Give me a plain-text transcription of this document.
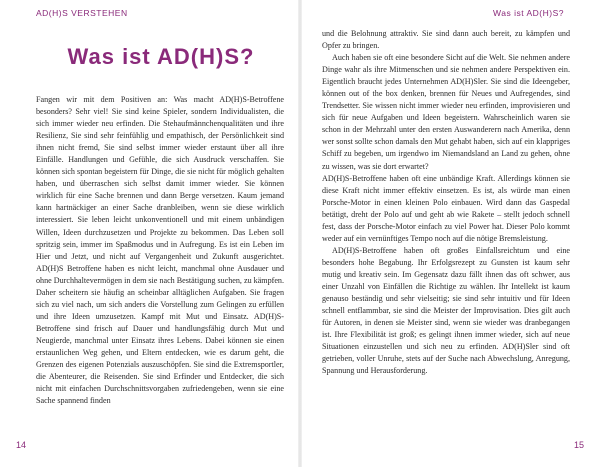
AD(H)S VERSTEHEN	Was ist AD(H)S?
Was ist AD(H)S?

Fangen wir mit dem Positiven an: Was macht AD(H)S-Betroffene besonders? Sehr viel! Sie sind keine Spieler, sondern Individualisten, die sich immer wieder neu erfinden. Die Stehaufmännchenqualitäten und ihre Resilienz, Sie sind sehr feinfühlig und empathisch, der Persönlichkeit sind ihnen nicht fremd, Sie sind selbst immer wieder erstaunt über all ihre Einfälle. Handlungen und Gefühle, die sich Ausdruck verschaffen. Sie können sich spontan begeistern für Dinge, die sie nicht für möglich gehalten haben, und überraschen sich selbst damit immer wieder. Sie können wirklich für eine Sache brennen und dann Berge versetzen. Kaum jemand kann hartnäckiger an einer Sache dranbleiben, wenn sie diese wirklich interessiert. Sie leben leicht unkonventionell und mit einem unbändigen Willen, Ideen durchzusetzen und Projekte zu bekommen. Das Leben soll spritzig sein, immer im Spaßmodus und in Aufregung. Es ist ein Leben im Hier und Jetzt, und nicht auf Vergangenheit und Zukunft ausgerichtet. AD(H)S Betroffene haben es nicht leicht, manchmal ohne Ausdauer und ohne Durchhaltevermögen in dem sie nach Bestätigung suchen, zu kämpfen. Daher scheitern sie häufig an scheinbar alltäglichen Aufgaben. Sie fragen sich zu viel nach, um sich anders die Vorstellung zum Gelingen zu erfüllen und ihre Ideen umzusetzen. Kampf mit Mut und Einsatz. AD(H)S-Betroffene sind frisch auf Dauer und handlungsfähig durch Mut und Neugierde, manchmal unter Einsatz ihres Lebens. Dabei können sie einen erstaunlichen Weg gehen, und Eltern entdecken, wie es darum geht, die Grenzen des eigenen Potenzials auszuschöpfen. Sie sind die Extremsportler, die Abenteurer, die Reisenden. Sie sind Erfinder und Entdecker, die sich nicht mit einfachen Durchschnittsvorgaben zufriedengeben, wenn sie eine Sache spannend finden

und die Belohnung attraktiv. Sie sind dann auch bereit, zu kämpfen und Opfer zu bringen.

Auch haben sie oft eine besondere Sicht auf die Welt. Sie nehmen andere Dinge wahr als ihre Mitmenschen und sie nehmen andere Perspektiven ein. Eigentlich braucht jedes Unternehmen AD(H)Sler. Sie sind die Ideengeber, können out of the box denken, brennen für Neues und Aufregendes, sind Trendsetter. Sie wissen nicht immer wieder neu erfinden, improvisieren und sich für neue Aufgaben und Ideen begeistern. Wahrscheinlich waren sie schon in der Mehrzahl unter den ersten Auswanderern nach Amerika, denn wer sonst sollte schon damals den Mut gehabt haben, sich auf ein klappriges Schiff zu begeben, um irgendwo im Niemandsland an Land zu gehen, ohne zu wissen, was sie dort erwartet?

AD(H)S-Betroffene haben oft eine unbändige Kraft. Allerdings können sie diese Kraft nicht immer effektiv einsetzen. Es ist, als würde man einen Porsche-Motor in einen kleinen Polo einbauen. Wird dann das Gaspedal betätigt, dreht der Polo auf und geht ab wie Rakete – stellt jedoch schnell fest, dass der Porsche-Motor einfach zu viel Power hat. Dieser Polo kommt weder auf ein vernünftiges Tempo noch auf die nötige Bremsleistung.

AD(H)S-Betroffene haben oft großes Einfallsreichtum und eine besonders hohe Begabung. Ihr Erfolgsrezept zu Gunsten ist kaum sehr mutig und kreativ sein. Im Gegensatz dazu fällt ihnen das oft schwer, aus einer Unzahl von Einfällen die Richtige zu wählen. Ihr Intellekt ist kaum genauso beständig und sehr vielseitig; sie sind sehr intuitiv und für Ideen schnell entflammbar, sie sind die Meister der Improvisation. Dies gilt auch für Autoren, in denen sie Meister sind, wenn sie wieder was dranbegangen ist. Ihre Flexibilität ist groß; es gelingt ihnen immer wieder, sich auf neue Situationen einzustellen und sich neu zu erfinden. AD(H)Sler sind oft getrieben, voller Unruhe, stets auf der Suche nach Abwechslung, Anregung, Spannung und Herausforderung.

14	15
